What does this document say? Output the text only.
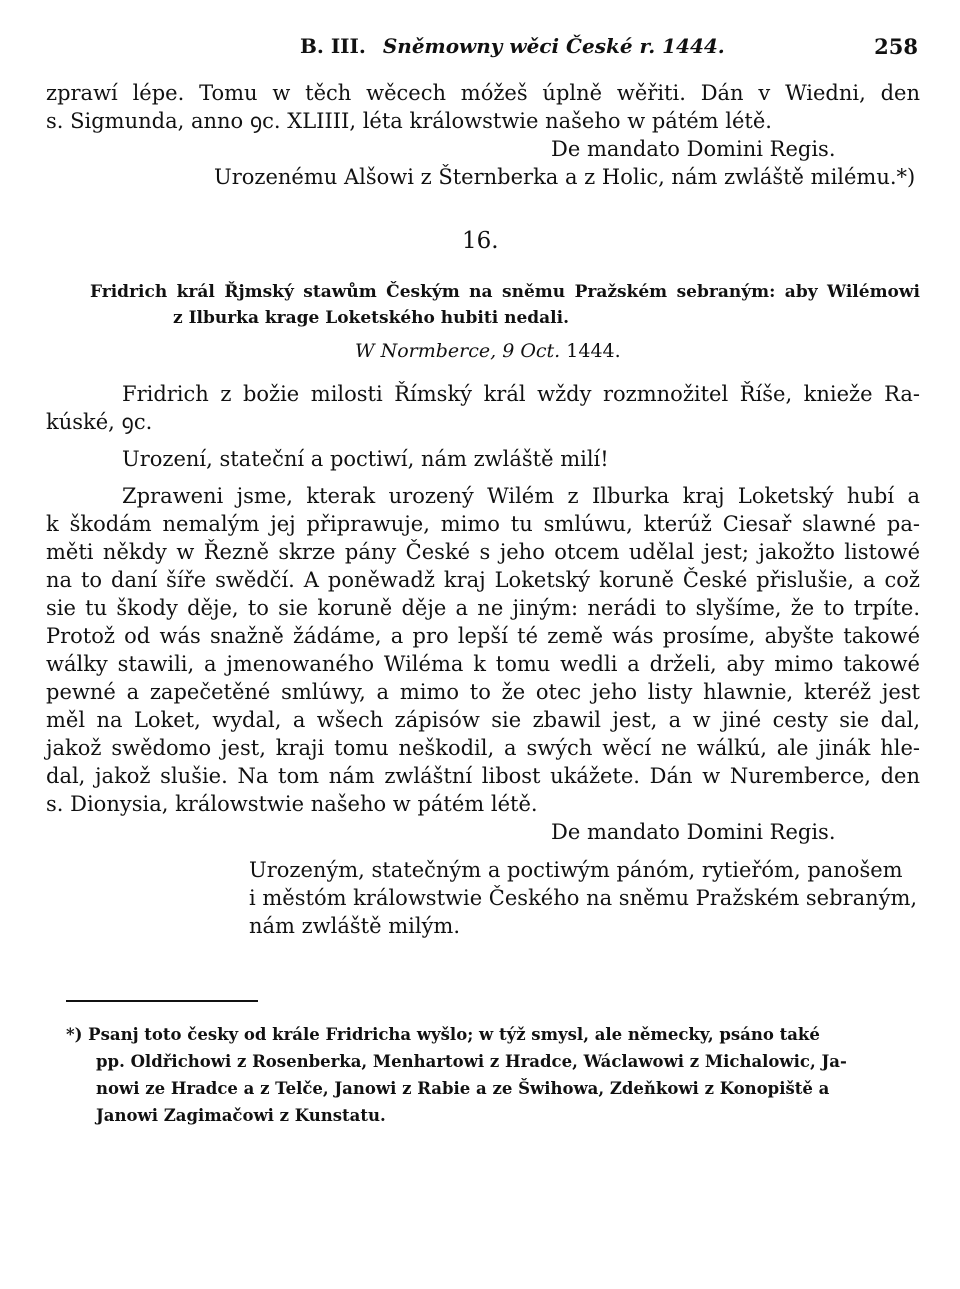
B. III. Sněmowny wěci České r. 1444.	258
zprawí lépe. Tomu w těch wěcech móžeš úplně wěřiti. Dán v Wiedni, den
s. Sigmunda, anno ꝯc. XLIIII, léta králowstwie našeho w pátém létě.
De mandato Domini Regis.
Urozenému Alšowi z Šternberka a z Holic, nám zwláště milému.*)
16.
Fridrich král Řjmský stawům Českým na sněmu Pražském sebraným: aby Wilémowi
z Ilburka krage Loketského hubiti nedali.
W Normberce, 9 Oct. 1444.
Fridrich z božie milosti Římský král wždy rozmnožitel Říše, knieže Ra-
kúské, ꝯc.
Urození, stateční a poctiwí, nám zwláště milí!
Zpraweni jsme, kterak urozený Wilém z Ilburka kraj Loketský hubí a
k škodám nemalým jej připrawuje, mimo tu smlúwu, kterúž Ciesař slawné pa-
měti někdy w Řezně skrze pány České s jeho otcem udělal jest; jakožto listowé
na to daní šíře swědčí. A poněwadž kraj Loketský koruně České přislušie, a což
sie tu škody děje, to sie koruně děje a ne jiným: nerádi to slyšíme, že to trpíte.
Protož od wás snažně žádáme, a pro lepší té země wás prosíme, abyšte takowé
wálky stawili, a jmenowaného Wiléma k tomu wedli a drželi, aby mimo takowé
pewné a zapečetěné smlúwy, a mimo to že otec jeho listy hlawnie, kteréž jest
měl na Loket, wydal, a wšech zápisów sie zbawil jest, a w jiné cesty sie dal,
jakož swědomo jest, kraji tomu neškodil, a swých wěcí ne wálkú, ale jinák hle-
dal, jakož slušie. Na tom nám zwláštní libost ukážete. Dán w Nuremberce, den
s. Dionysia, králowstwie našeho w pátém létě.
De mandato Domini Regis.
Urozeným, statečným a poctiwým pánóm, rytieřóm, panošem
i městóm králowstwie Českého na sněmu Pražském sebraným,
nám zwláště milým.
*) Psanj toto česky od krále Fridricha wyšlo; w týž smysl, ale německy, psáno také
pp. Oldřichowi z Rosenberka, Menhartowi z Hradce, Wáclawowi z Michalowic, Ja-
nowi ze Hradce a z Telče, Janowi z Rabie a ze Šwihowa, Zdeňkowi z Konopiště a
Janowi Zagimačowi z Kunstatu.
